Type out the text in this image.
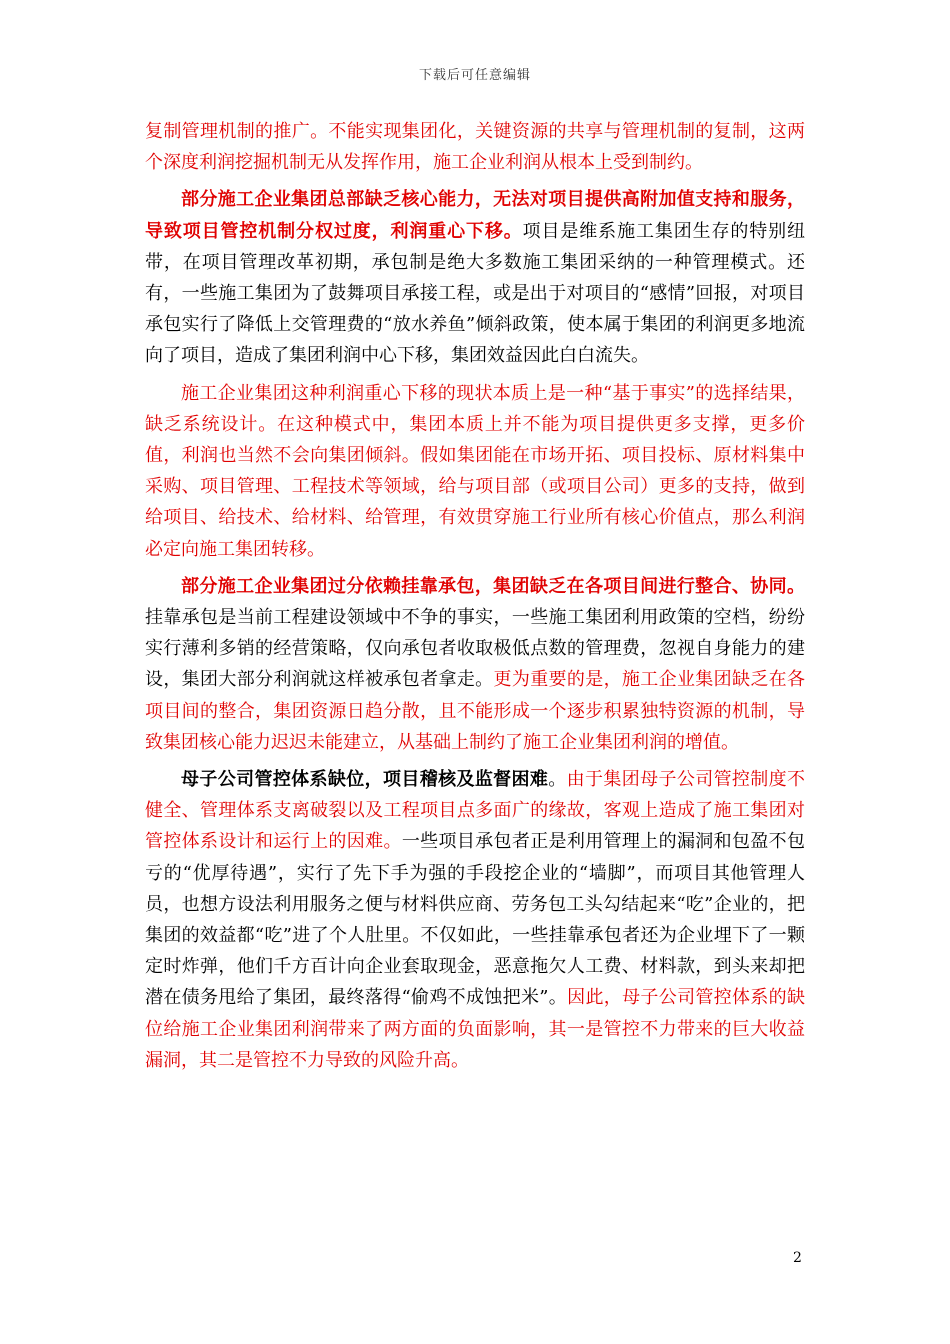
下载后可任意编辑

复制管理机制的推广。不能实现集团化，关键资源的共享与管理机制的复制，这两个深度利润挖掘机制无从发挥作用，施工企业利润从根本上受到制约。

部分施工企业集团总部缺乏核心能力，无法对项目提供高附加值支持和服务，导致项目管控机制分权过度，利润重心下移。项目是维系施工集团生存的特别纽带，在项目管理改革初期，承包制是绝大多数施工集团采纳的一种管理模式。还有，一些施工集团为了鼓舞项目承接工程，或是出于对项目的“感情”回报，对项目承包实行了降低上交管理费的“放水养鱼”倾斜政策，使本属于集团的利润更多地流向了项目，造成了集团利润中心下移，集团效益因此白白流失。

施工企业集团这种利润重心下移的现状本质上是一种“基于事实”的选择结果，缺乏系统设计。在这种模式中，集团本质上并不能为项目提供更多支撑，更多价值，利润也当然不会向集团倾斜。假如集团能在市场开拓、项目投标、原材料集中采购、项目管理、工程技术等领域，给与项目部（或项目公司）更多的支持，做到给项目、给技术、给材料、给管理，有效贯穿施工行业所有核心价值点，那么利润必定向施工集团转移。

部分施工企业集团过分依赖挂靠承包，集团缺乏在各项目间进行整合、协同。挂靠承包是当前工程建设领域中不争的事实，一些施工集团利用政策的空档，纷纷实行薄利多销的经营策略，仅向承包者收取极低点数的管理费，忽视自身能力的建设，集团大部分利润就这样被承包者拿走。更为重要的是，施工企业集团缺乏在各项目间的整合，集团资源日趋分散，且不能形成一个逐步积累独特资源的机制，导致集团核心能力迟迟未能建立，从基础上制约了施工企业集团利润的增值。

母子公司管控体系缺位，项目稽核及监督困难。由于集团母子公司管控制度不健全、管理体系支离破裂以及工程项目点多面广的缘故，客观上造成了施工集团对管控体系设计和运行上的因难。一些项目承包者正是利用管理上的漏洞和包盈不包亏的“优厚待遇”，实行了先下手为强的手段挖企业的“墙脚”，而项目其他管理人员，也想方设法利用服务之便与材料供应商、劳务包工头勾结起来“吃”企业的，把集团的效益都“吃”进了个人肚里。不仅如此，一些挂靠承包者还为企业埋下了一颗定时炸弹，他们千方百计向企业套取现金，恶意拖欠人工费、材料款，到头来却把潜在债务甩给了集团，最终落得“偷鸡不成蚀把米”。因此，母子公司管控体系的缺位给施工企业集团利润带来了两方面的负面影响，其一是管控不力带来的巨大收益漏洞，其二是管控不力导致的风险升高。

2
